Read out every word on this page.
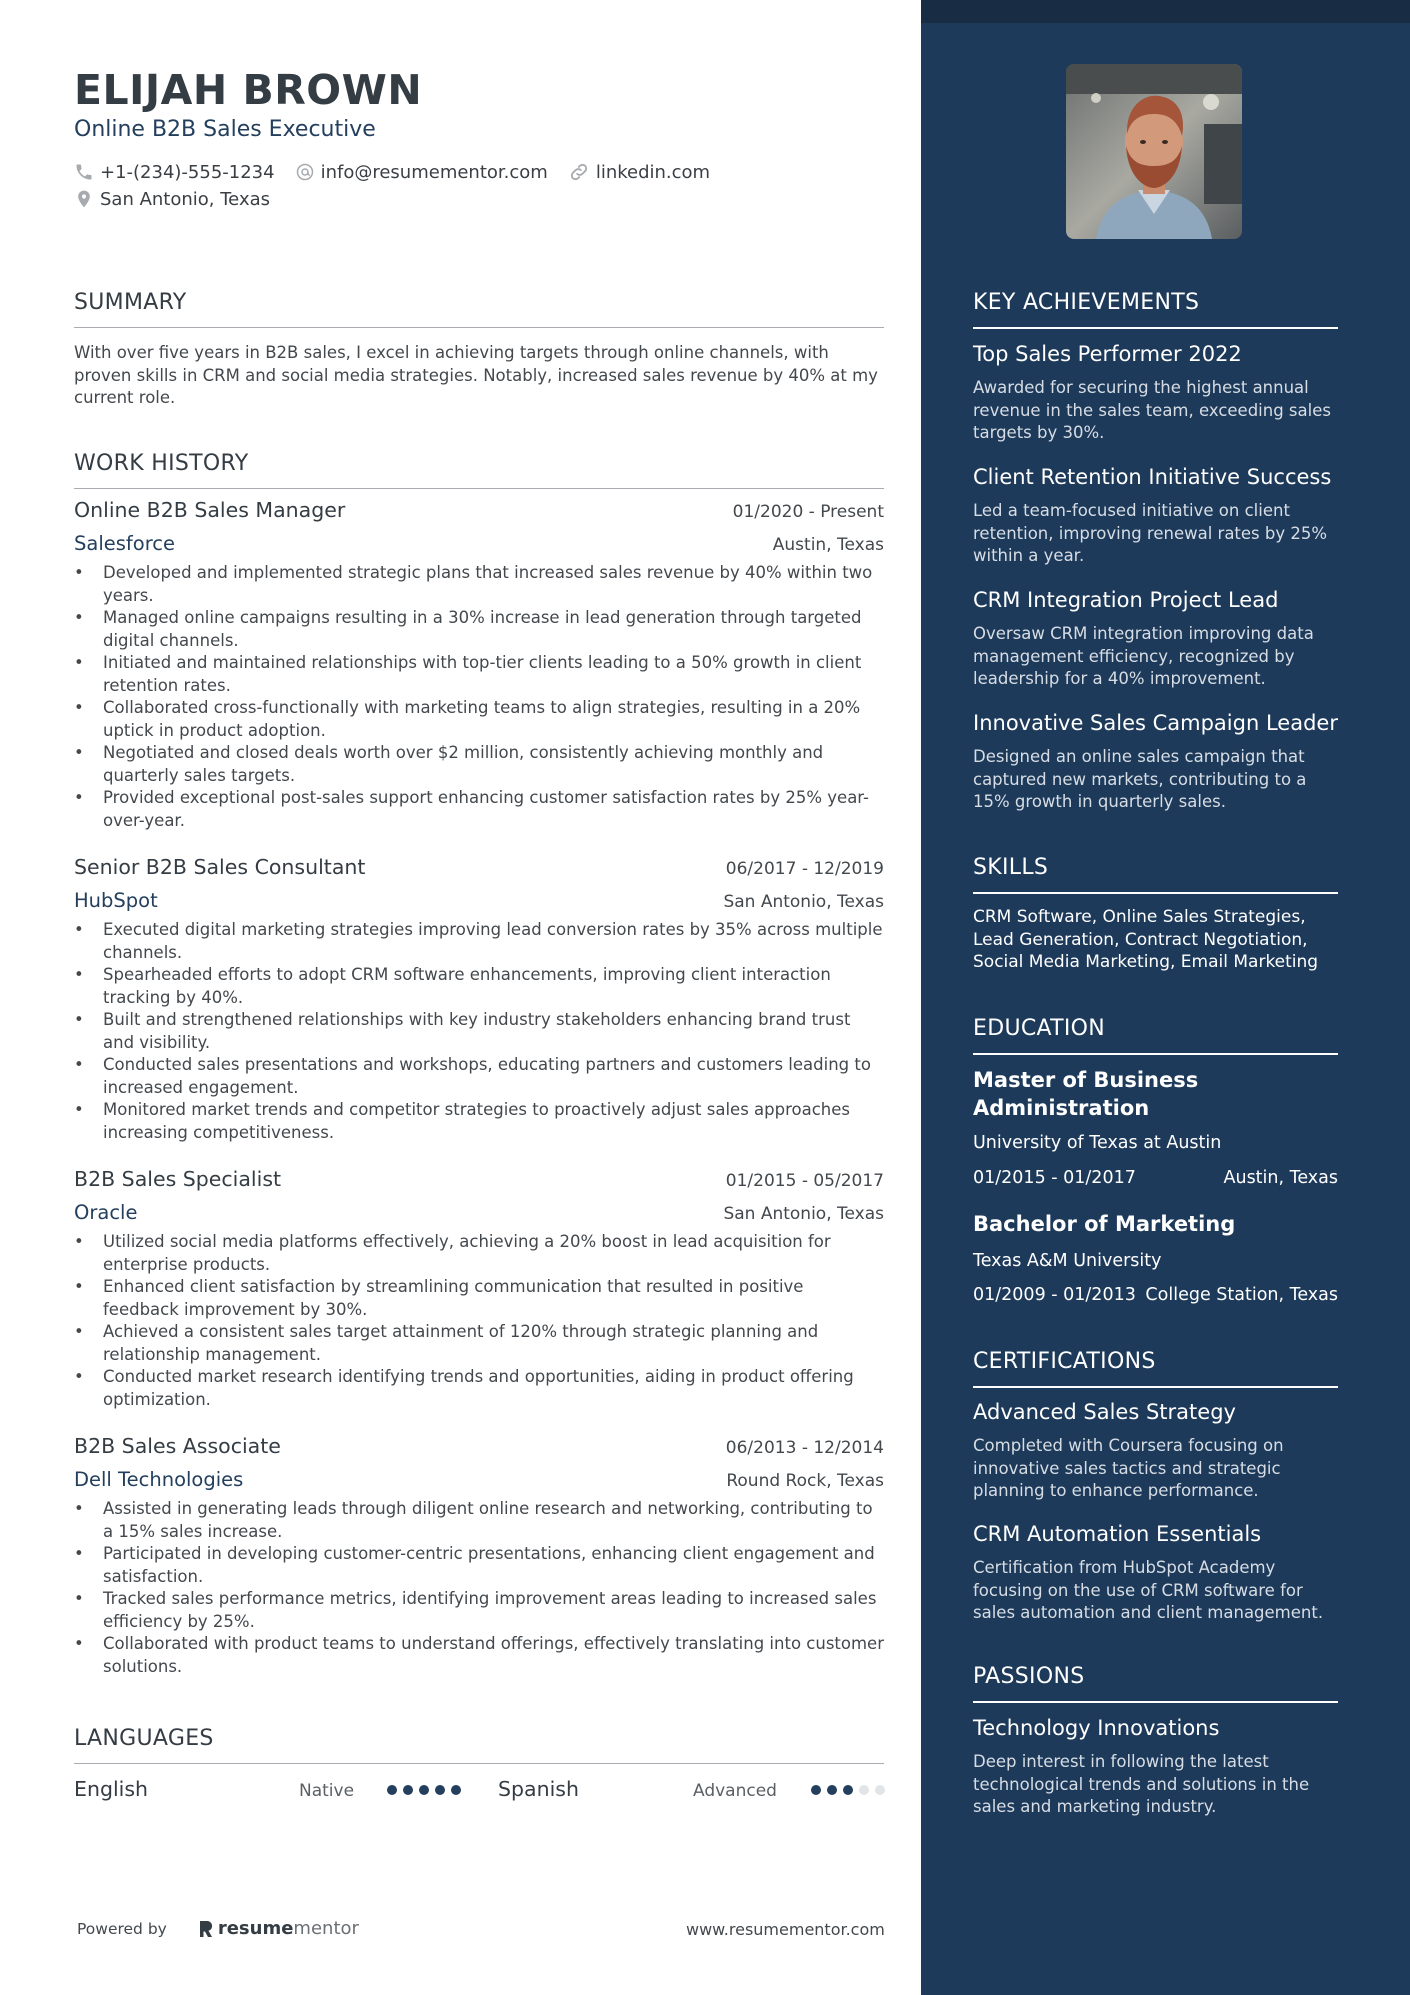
ELIJAH BROWN
Online B2B Sales Executive
+1-(234)-555-1234	info@resumementor.com	linkedin.com
San Antonio, Texas
SUMMARY
With over five years in B2B sales, I excel in achieving targets through online channels, with proven skills in CRM and social media strategies. Notably, increased sales revenue by 40% at my current role.
WORK HISTORY
Online B2B Sales Manager	01/2020 - Present
Salesforce	Austin, Texas
• Developed and implemented strategic plans that increased sales revenue by 40% within two years.
• Managed online campaigns resulting in a 30% increase in lead generation through targeted digital channels.
• Initiated and maintained relationships with top-tier clients leading to a 50% growth in client retention rates.
• Collaborated cross-functionally with marketing teams to align strategies, resulting in a 20% uptick in product adoption.
• Negotiated and closed deals worth over $2 million, consistently achieving monthly and quarterly sales targets.
• Provided exceptional post-sales support enhancing customer satisfaction rates by 25% year-over-year.
Senior B2B Sales Consultant	06/2017 - 12/2019
HubSpot	San Antonio, Texas
• Executed digital marketing strategies improving lead conversion rates by 35% across multiple channels.
• Spearheaded efforts to adopt CRM software enhancements, improving client interaction tracking by 40%.
• Built and strengthened relationships with key industry stakeholders enhancing brand trust and visibility.
• Conducted sales presentations and workshops, educating partners and customers leading to increased engagement.
• Monitored market trends and competitor strategies to proactively adjust sales approaches increasing competitiveness.
B2B Sales Specialist	01/2015 - 05/2017
Oracle	San Antonio, Texas
• Utilized social media platforms effectively, achieving a 20% boost in lead acquisition for enterprise products.
• Enhanced client satisfaction by streamlining communication that resulted in positive feedback improvement by 30%.
• Achieved a consistent sales target attainment of 120% through strategic planning and relationship management.
• Conducted market research identifying trends and opportunities, aiding in product offering optimization.
B2B Sales Associate	06/2013 - 12/2014
Dell Technologies	Round Rock, Texas
• Assisted in generating leads through diligent online research and networking, contributing to a 15% sales increase.
• Participated in developing customer-centric presentations, enhancing client engagement and satisfaction.
• Tracked sales performance metrics, identifying improvement areas leading to increased sales efficiency by 25%.
• Collaborated with product teams to understand offerings, effectively translating into customer solutions.
LANGUAGES
English	Native	Spanish	Advanced
Powered by	resume mentor	www.resumementor.com
KEY ACHIEVEMENTS
Top Sales Performer 2022
Awarded for securing the highest annual revenue in the sales team, exceeding sales targets by 30%.
Client Retention Initiative Success
Led a team-focused initiative on client retention, improving renewal rates by 25% within a year.
CRM Integration Project Lead
Oversaw CRM integration improving data management efficiency, recognized by leadership for a 40% improvement.
Innovative Sales Campaign Leader
Designed an online sales campaign that captured new markets, contributing to a 15% growth in quarterly sales.
SKILLS
CRM Software, Online Sales Strategies, Lead Generation, Contract Negotiation, Social Media Marketing, Email Marketing
EDUCATION
Master of Business Administration
University of Texas at Austin
01/2015 - 01/2017	Austin, Texas
Bachelor of Marketing
Texas A&M University
01/2009 - 01/2013 College Station, Texas
CERTIFICATIONS
Advanced Sales Strategy
Completed with Coursera focusing on innovative sales tactics and strategic planning to enhance performance.
CRM Automation Essentials
Certification from HubSpot Academy focusing on the use of CRM software for sales automation and client management.
PASSIONS
Technology Innovations
Deep interest in following the latest technological trends and solutions in the sales and marketing industry.
